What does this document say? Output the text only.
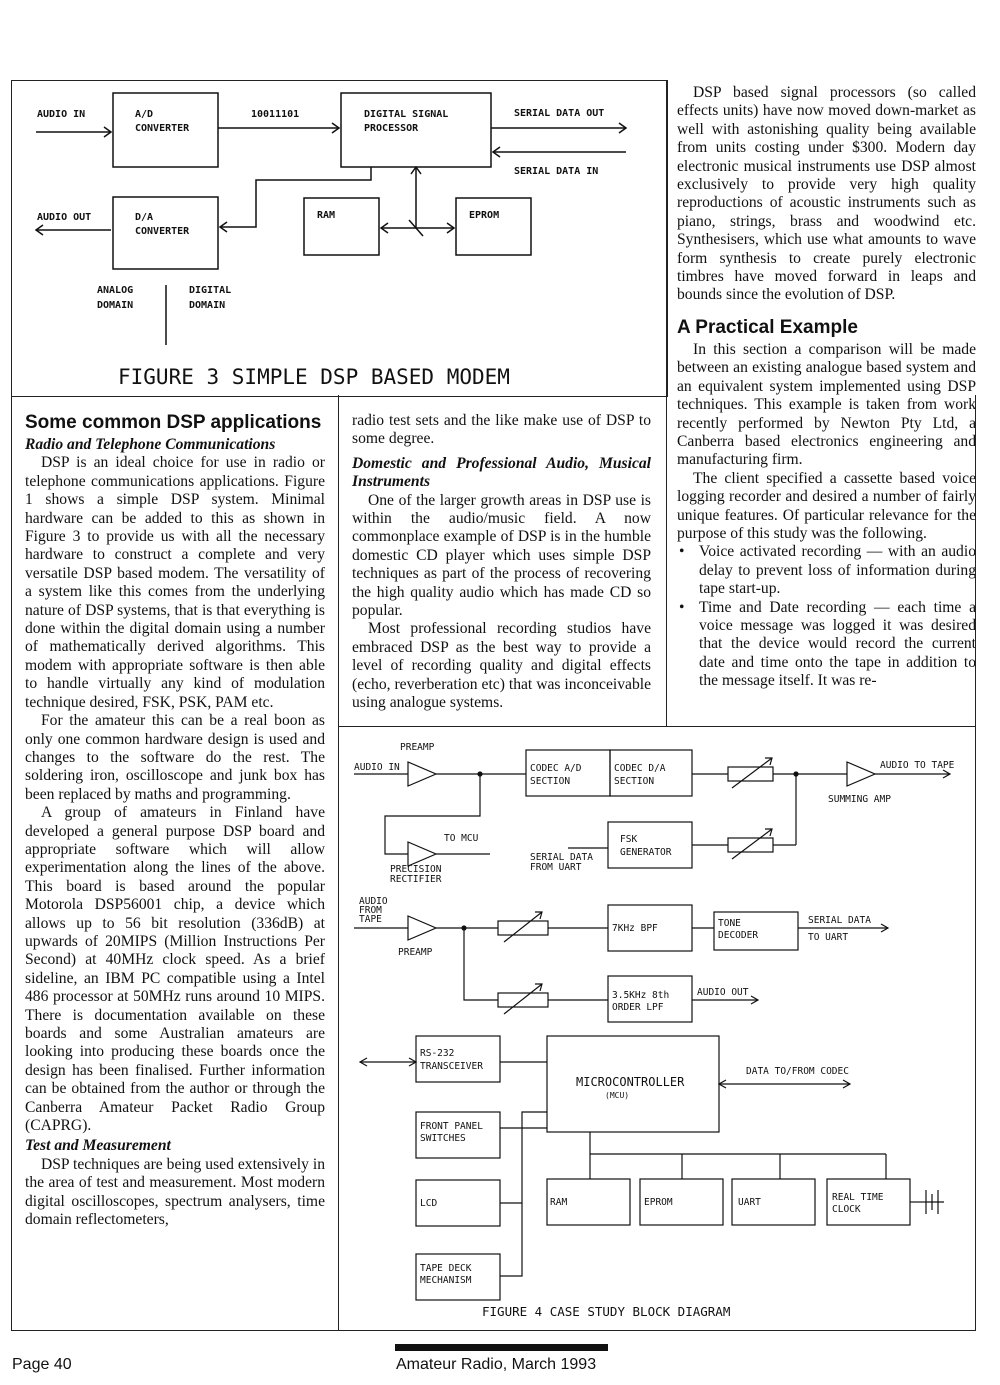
AUDIO IN
AUDIO OUT
A/D
CONVERTER
D/A
CONVERTER
10011101	DIGITAL SIGNAL
PROCESSOR
SERIAL DATA OUT
SERIAL DATA IN
RAM	EPROM
ANALOG
DOMAIN
DIGITAL
DOMAIN
FIGURE 3 SIMPLE DSP BASED MODEM

DSP based signal processors (so called effects units) have now moved down-market as well with astonishing quality being available from units costing under $300. Modern day electronic musical instruments use DSP almost exclusively to provide very high quality reproductions of acoustic instruments such as piano, strings, brass and woodwind etc. Synthesisers, which use what amounts to wave form synthesis to create purely electronic timbres have moved forward in leaps and bounds since the evolution of DSP.

A Practical Example

In this section a comparison will be made between an existing analogue based system and an equivalent system implemented using DSP techniques. This example is taken from work recently performed by Newton Pty Ltd, a Canberra based electronics engineering and manufacturing firm.

The client specified a cassette based voice logging recorder and desired a number of fairly unique features. Of particular relevance for the purpose of this study was the following.

• Voice activated recording — with an audio delay to prevent loss of information during tape start-up.
• Time and Date recording — each time a voice message was logged it was desired that the device would record the current date and time onto the tape in addition to the message itself. It was re-
Some common DSP applications
Radio and Telephone Communications

DSP is an ideal choice for use in radio or telephone communications applications. Figure 1 shows a simple DSP system. Minimal hardware can be added to this as shown in Figure 3 to provide us with all the necessary hardware to construct a complete and very versatile DSP based modem. The versatility of a system like this comes from the underlying nature of DSP systems, that is that everything is done within the digital domain using a number of mathematically derived algorithms. This modem with appropriate software is then able to handle virtually any kind of modulation technique desired, FSK, PSK, PAM etc.

For the amateur this can be a real boon as only one common hardware design is used and changes to the software do the rest. The soldering iron, oscilloscope and junk box has been replaced by maths and programming.

A group of amateurs in Finland have developed a general purpose DSP board and appropriate software which will allow experimentation along the lines of the above. This board is based around the popular Motorola DSP56001 chip, a device which allows up to 56 bit resolution (336dB) at upwards of 20MIPS (Million Instructions Per Second) at 40MHz clock speed. As a brief sideline, an IBM PC compatible using a Intel 486 processor at 50MHz runs around 10 MIPS. There is documentation available on these boards and some Australian amateurs are looking into producing these boards once the design has been finalised. Further information can be obtained from the author or through the Canberra Amateur Packet Radio Group (CAPRG).

Test and Measurement

DSP techniques are being used extensively in the area of test and measurement. Most modern digital oscilloscopes, spectrum analysers, time domain reflectometers,

radio test sets and the like make use of DSP to some degree.

Domestic and Professional Audio, Musical Instruments

One of the larger growth areas in DSP use is within the audio/music field. A now commonplace example of DSP is in the humble domestic CD player which uses simple DSP techniques as part of the process of recovering the high quality audio which has made CD so popular.

Most professional recording studios have embraced DSP as the best way to provide a level of recording quality and digital effects (echo, reverberation etc) that was inconceivable using analogue systems.

PREAMP
AUDIO IN	CODEC A/D
SECTION
CODEC D/A
SECTION
AUDIO TO TAPE
SUMMING AMP
TO MCU
PRECISION
RECTIFIER
SERIAL DATA
FROM UART
FSK
GENERATOR
AUDIO
FROM
TAPE
PREAMP
7KHz BPF	TONE
DECODER
SERIAL DATA
TO UART
3.5KHz 8th
ORDER LPF
AUDIO OUT
RS-232
TRANSCEIVER
MICROCONTROLLER
(MCU)
DATA TO/FROM CODEC
FRONT PANEL
SWITCHES
LCD	RAM	EPROM	UART	REAL TIME
CLOCK
TAPE DECK
MECHANISM
FIGURE 4 CASE STUDY BLOCK DIAGRAM
Page 40	Amateur Radio, March 1993
